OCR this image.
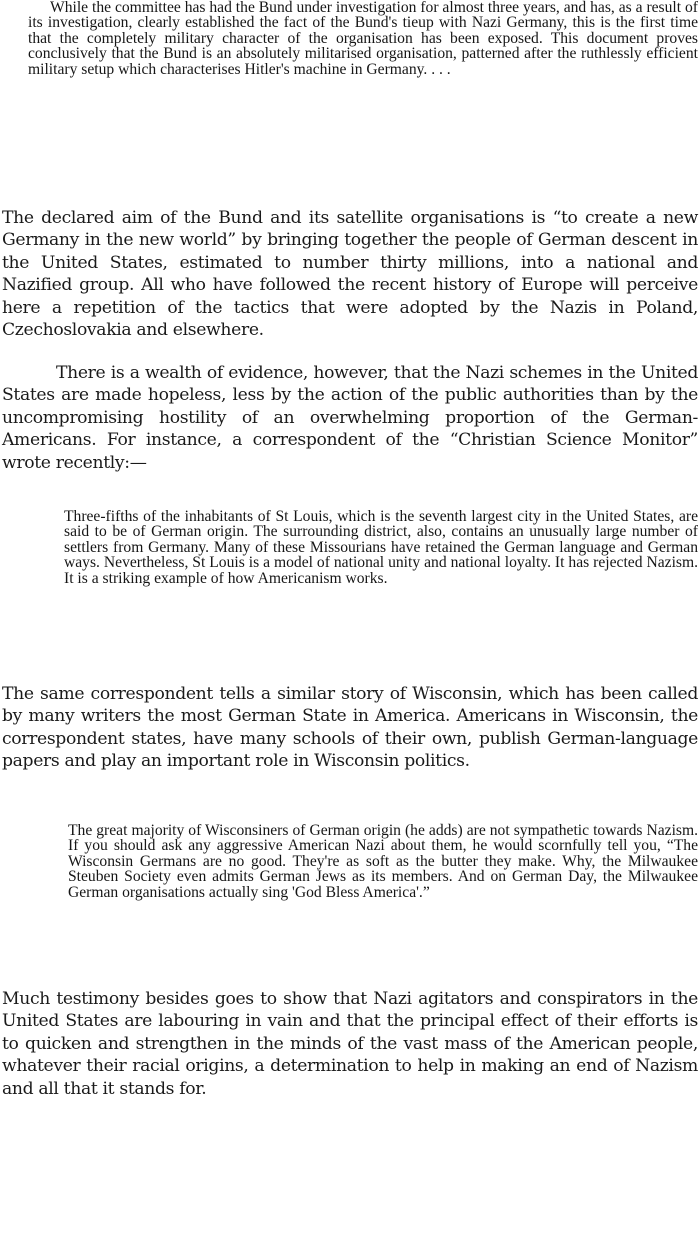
While the committee has had the Bund under investigation for almost three years, and has, as a result of its investigation, clearly established the fact of the Bund's tieup with Nazi Germany, this is the first time that the completely military character of the organisation has been exposed. This document proves conclusively that the Bund is an absolutely militarised organisation, patterned after the ruthlessly efficient military setup which characterises Hitler's machine in Germany. . . .

The declared aim of the Bund and its satellite organisations is “to create a new Germany in the new world” by bringing together the people of German descent in the United States, estimated to number thirty millions, into a national and Nazified group. All who have followed the recent history of Europe will perceive here a repetition of the tactics that were adopted by the Nazis in Poland, Czechoslovakia and elsewhere.

There is a wealth of evidence, however, that the Nazi schemes in the United States are made hopeless, less by the action of the public authorities than by the uncompromising hostility of an overwhelming proportion of the German-Americans. For instance, a correspondent of the “Christian Science Monitor” wrote recently:—

Three-fifths of the inhabitants of St Louis, which is the seventh largest city in the United States, are said to be of German origin. The surrounding district, also, contains an unusually large number of settlers from Germany. Many of these Missourians have retained the German language and German ways. Nevertheless, St Louis is a model of national unity and national loyalty. It has rejected Nazism. It is a striking example of how Americanism works.

The same correspondent tells a similar story of Wisconsin, which has been called by many writers the most German State in America. Americans in Wisconsin, the correspondent states, have many schools of their own, publish German-language papers and play an important role in Wisconsin politics.

The great majority of Wisconsiners of German origin (he adds) are not sympathetic towards Nazism. If you should ask any aggressive American Nazi about them, he would scornfully tell you, “The Wisconsin Germans are no good. They're as soft as the butter they make. Why, the Milwaukee Steuben Society even admits German Jews as its members. And on German Day, the Milwaukee German organisations actually sing 'God Bless America'.”

Much testimony besides goes to show that Nazi agitators and conspirators in the United States are labouring in vain and that the principal effect of their efforts is to quicken and strengthen in the minds of the vast mass of the American people, whatever their racial origins, a determination to help in making an end of Nazism and all that it stands for.
